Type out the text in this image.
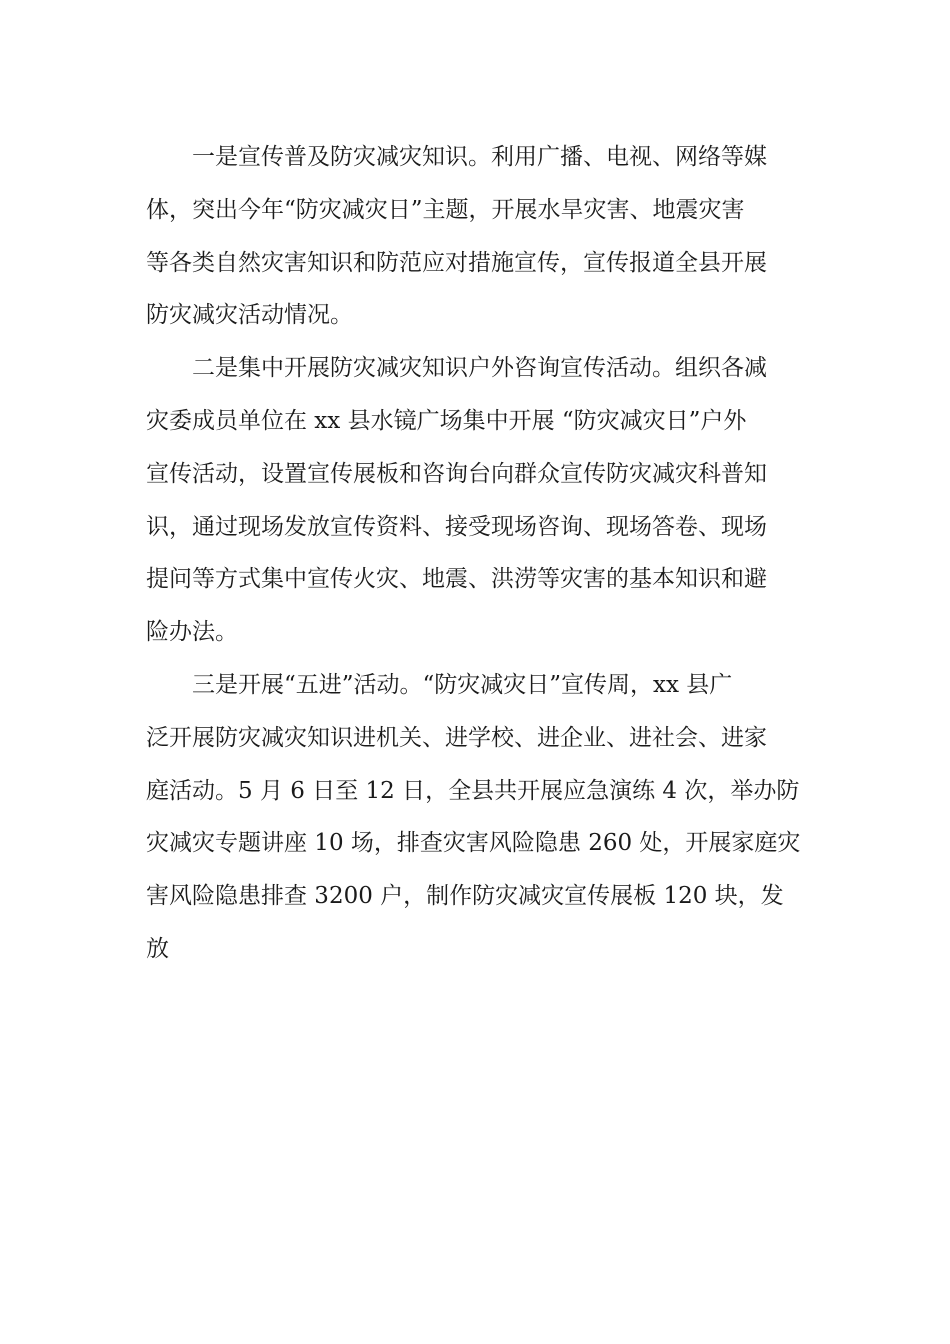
一是宣传普及防灾减灾知识。利用广播、电视、网络等媒
体，突出今年“防灾减灾日”主题，开展水旱灾害、地震灾害
等各类自然灾害知识和防范应对措施宣传，宣传报道全县开展
防灾减灾活动情况。

二是集中开展防灾减灾知识户外咨询宣传活动。组织各减
灾委成员单位在 xx 县水镜广场集中开展 “防灾减灾日”户外
宣传活动，设置宣传展板和咨询台向群众宣传防灾减灾科普知
识，通过现场发放宣传资料、接受现场咨询、现场答卷、现场
提问等方式集中宣传火灾、地震、洪涝等灾害的基本知识和避
险办法。

三是开展“五进”活动。“防灾减灾日”宣传周，xx 县广
泛开展防灾减灾知识进机关、进学校、进企业、进社会、进家
庭活动。5 月 6 日至 12 日，全县共开展应急演练 4 次，举办防
灾减灾专题讲座 10 场，排查灾害风险隐患 260 处，开展家庭灾
害风险隐患排查 3200 户，制作防灾减灾宣传展板 120 块，发放
